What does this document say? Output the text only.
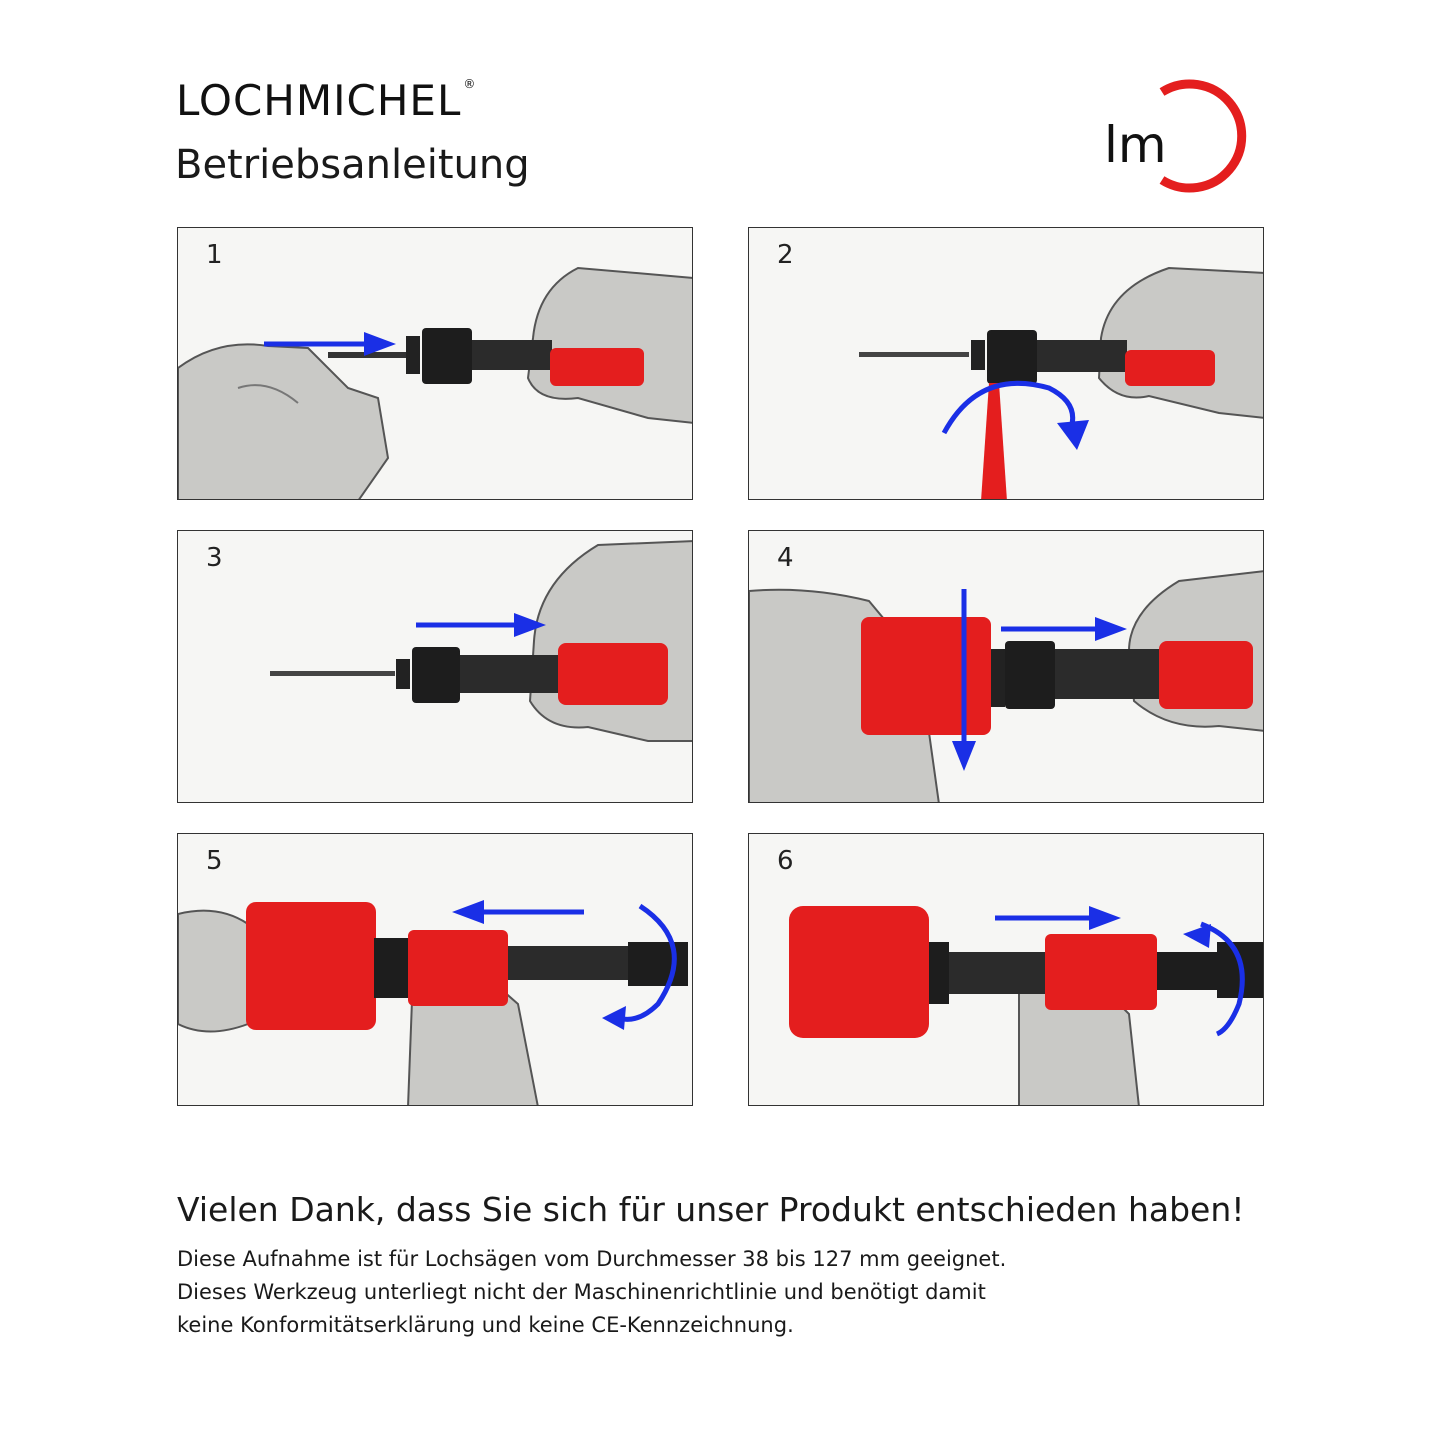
LOCHMICHEL ®
Betriebsanleitung	lm
1	2
3	4
5	6
Vielen Dank, dass Sie sich für unser Produkt entschieden haben!
Diese Aufnahme ist für Lochsägen vom Durchmesser 38 bis 127 mm geeignet.
Dieses Werkzeug unterliegt nicht der Maschinenrichtlinie und benötigt damit
keine Konformitätserklärung und keine CE-Kennzeichnung.
